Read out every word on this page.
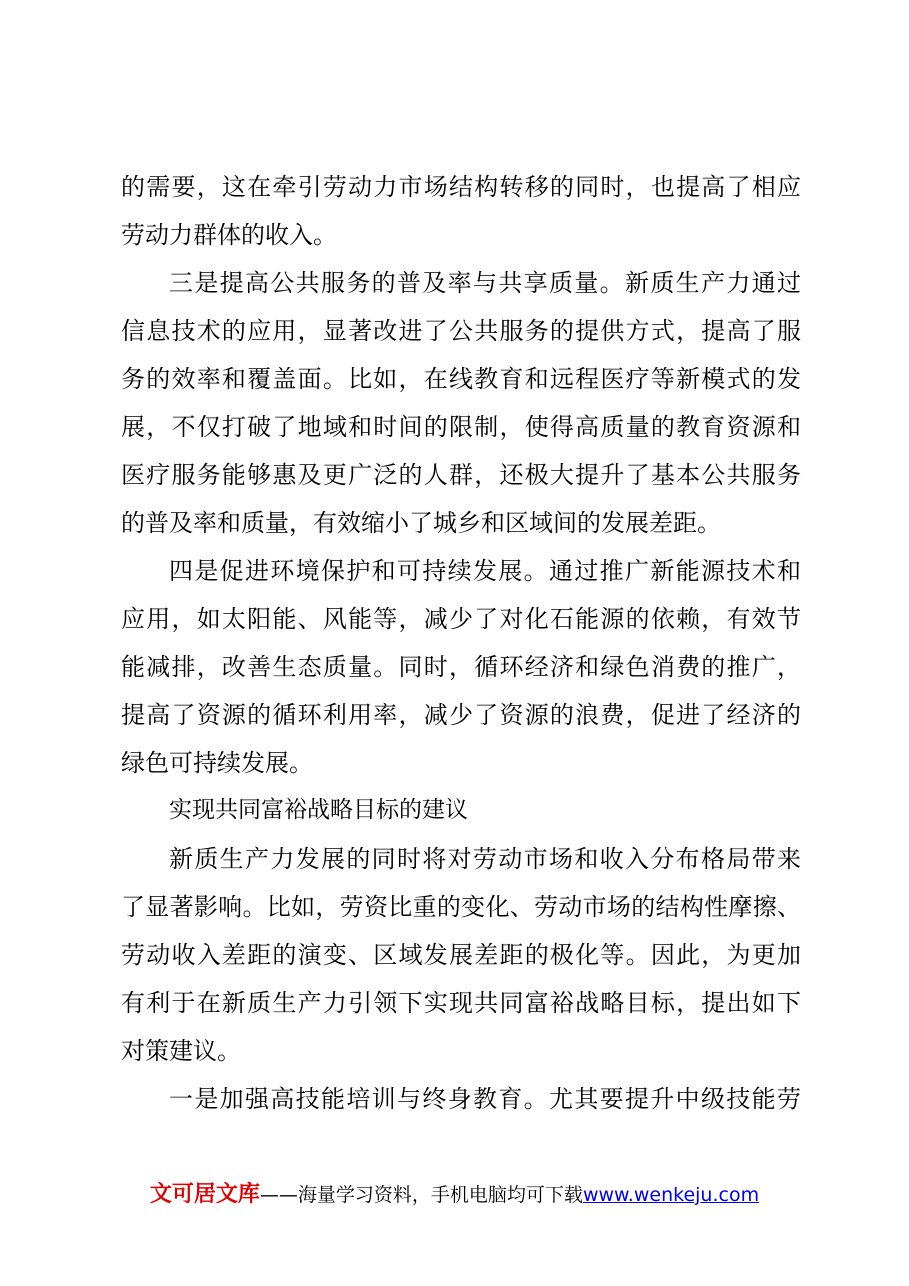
的需要，这在牵引劳动力市场结构转移的同时，也提高了相应
劳动力群体的收入。
三是提高公共服务的普及率与共享质量。新质生产力通过
信息技术的应用，显著改进了公共服务的提供方式，提高了服
务的效率和覆盖面。比如，在线教育和远程医疗等新模式的发
展，不仅打破了地域和时间的限制，使得高质量的教育资源和
医疗服务能够惠及更广泛的人群，还极大提升了基本公共服务
的普及率和质量，有效缩小了城乡和区域间的发展差距。
四是促进环境保护和可持续发展。通过推广新能源技术和
应用，如太阳能、风能等，减少了对化石能源的依赖，有效节
能减排，改善生态质量。同时，循环经济和绿色消费的推广，
提高了资源的循环利用率，减少了资源的浪费，促进了经济的
绿色可持续发展。
实现共同富裕战略目标的建议
新质生产力发展的同时将对劳动市场和收入分布格局带来
了显著影响。比如，劳资比重的变化、劳动市场的结构性摩擦、
劳动收入差距的演变、区域发展差距的极化等。因此，为更加
有利于在新质生产力引领下实现共同富裕战略目标，提出如下
对策建议。
一是加强高技能培训与终身教育。尤其要提升中级技能劳
文可居文库——海量学习资料，手机电脑均可下载www.wenkeju.com
